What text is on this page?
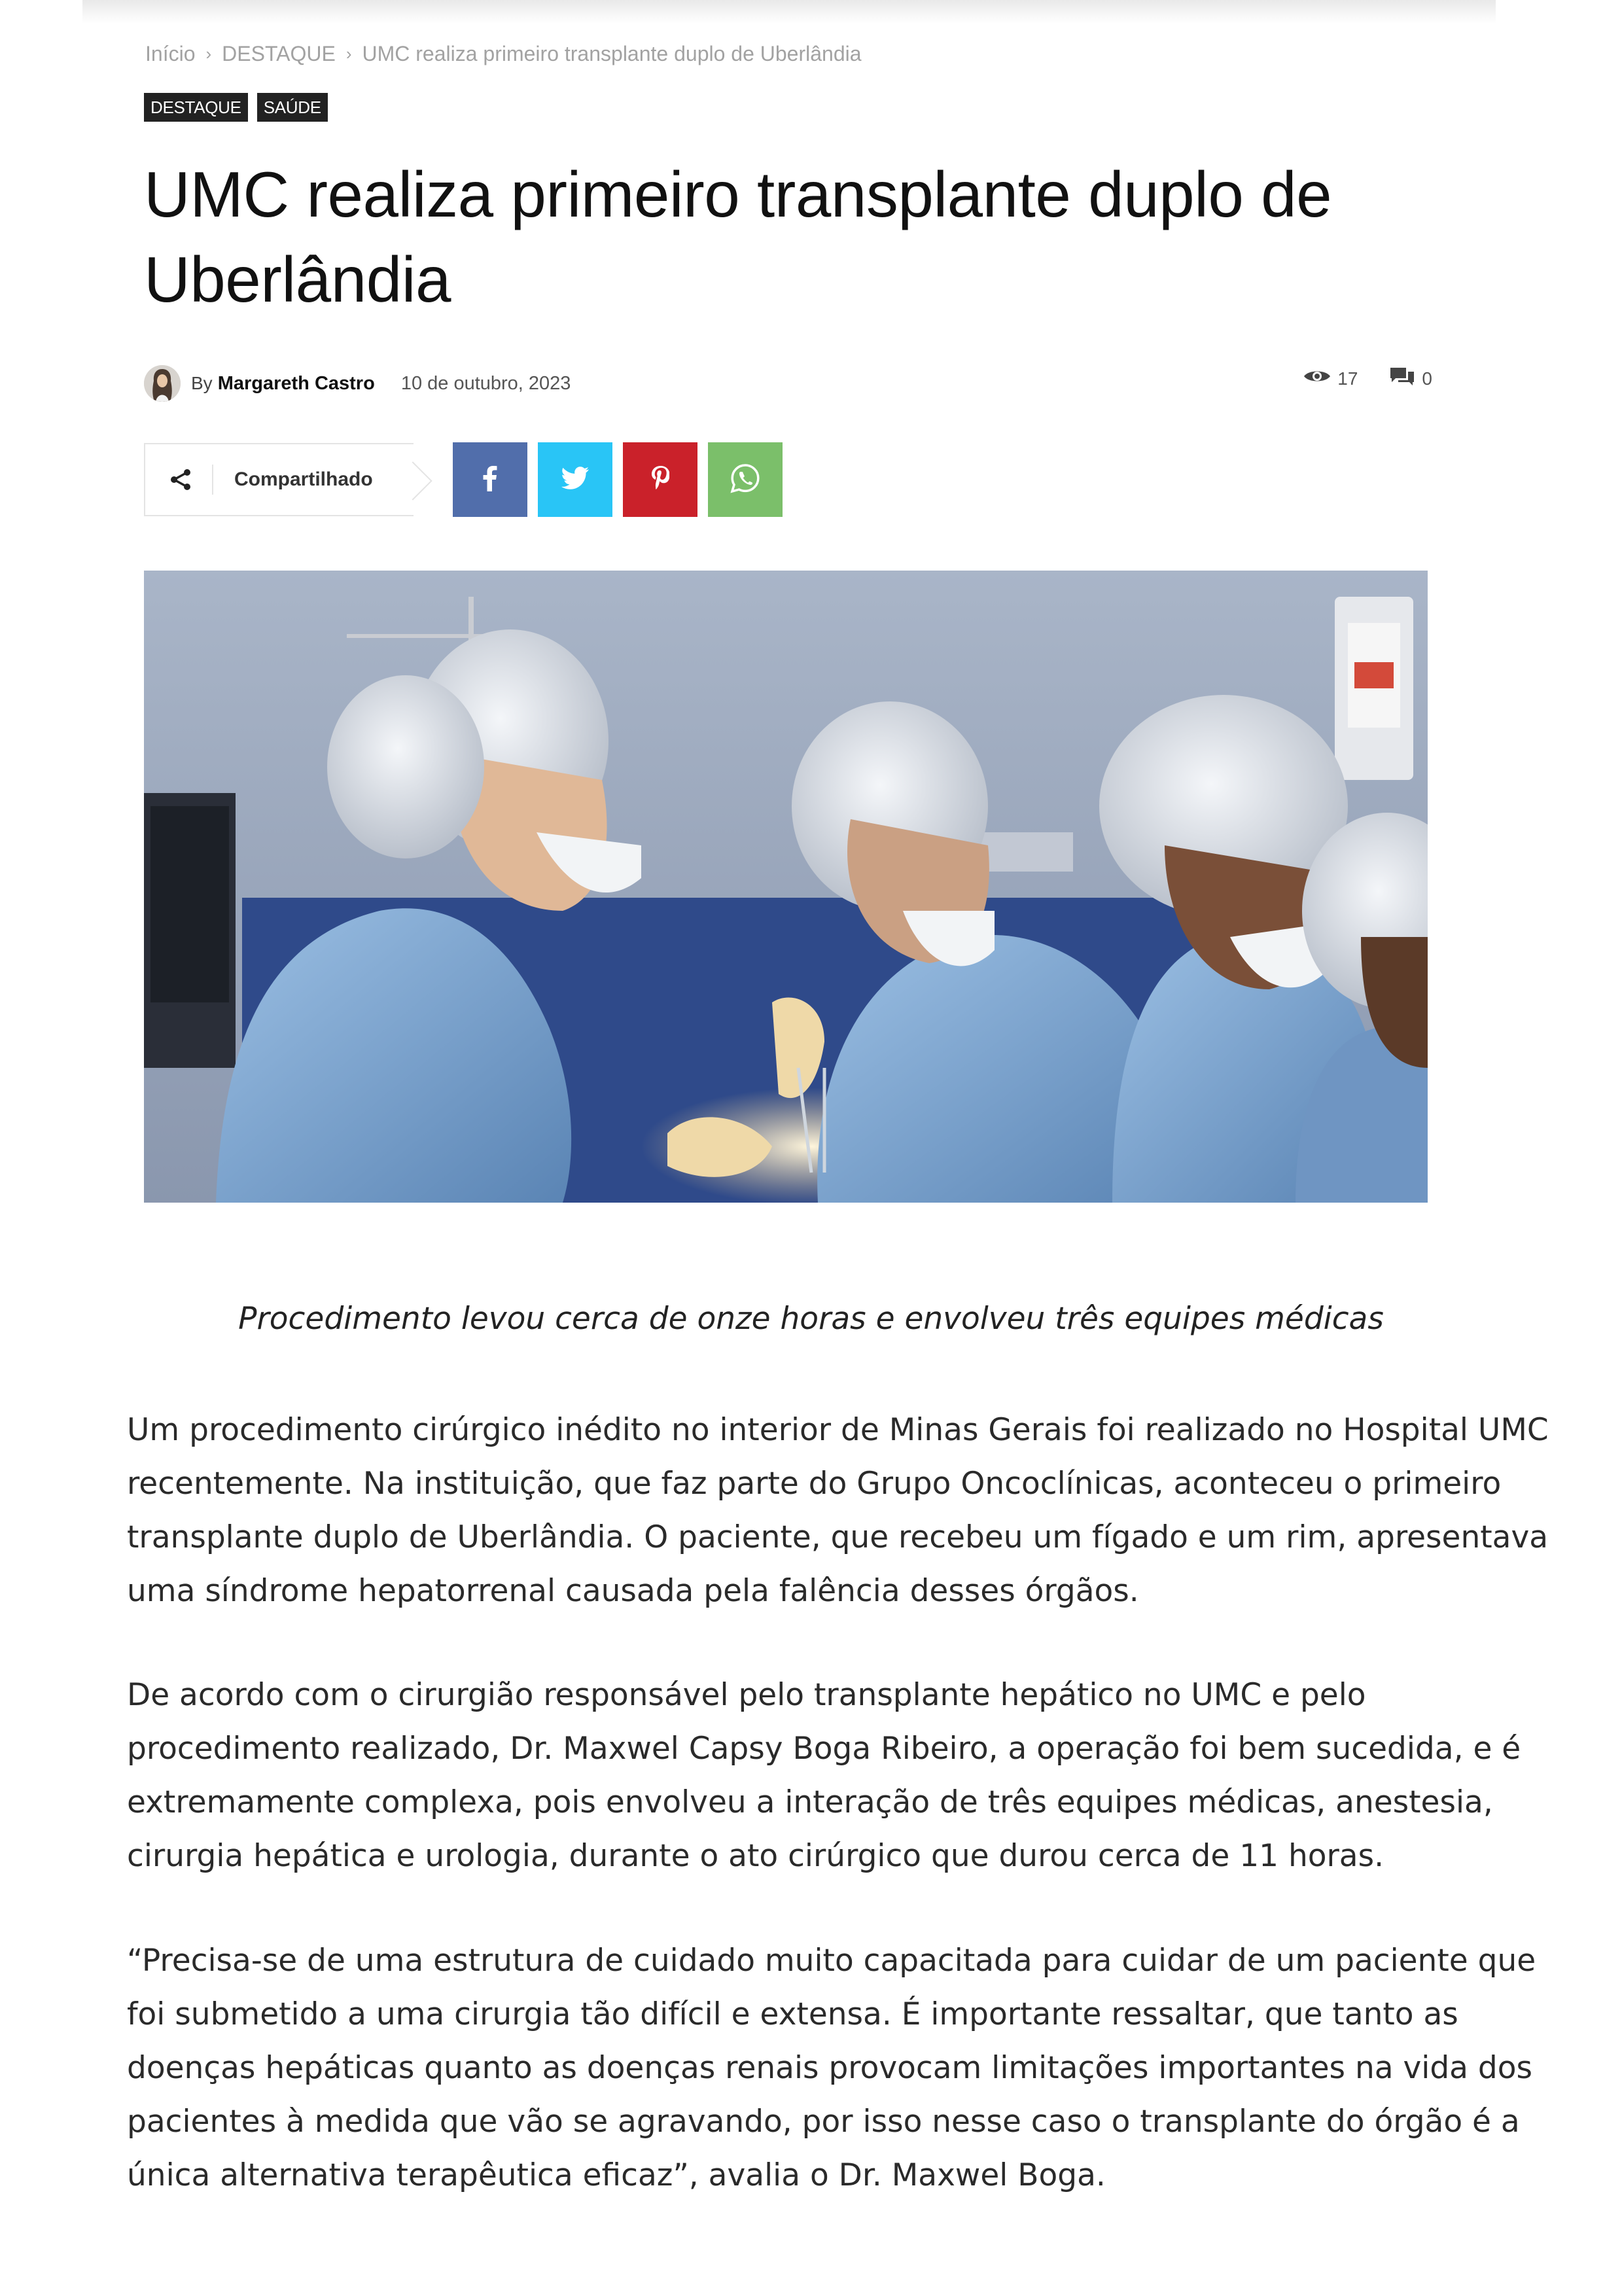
Início › DESTAQUE › UMC realiza primeiro transplante duplo de Uberlândia
DESTAQUE	SAÚDE
UMC realiza primeiro transplante duplo de Uberlândia
By Margareth Castro 10 de outubro, 2023	17	0
Compartilhado

Procedimento levou cerca de onze horas e envolveu três equipes médicas

Um procedimento cirúrgico inédito no interior de Minas Gerais foi realizado no Hospital UMC recentemente. Na instituição, que faz parte do Grupo Oncoclínicas, aconteceu o primeiro transplante duplo de Uberlândia. O paciente, que recebeu um fígado e um rim, apresentava uma síndrome hepatorrenal causada pela falência desses órgãos.

De acordo com o cirurgião responsável pelo transplante hepático no UMC e pelo procedimento realizado, Dr. Maxwel Capsy Boga Ribeiro, a operação foi bem sucedida, e é extremamente complexa, pois envolveu a interação de três equipes médicas, anestesia, cirurgia hepática e urologia, durante o ato cirúrgico que durou cerca de 11 horas.

“Precisa-se de uma estrutura de cuidado muito capacitada para cuidar de um paciente que foi submetido a uma cirurgia tão difícil e extensa. É importante ressaltar, que tanto as doenças hepáticas quanto as doenças renais provocam limitações importantes na vida dos pacientes à medida que vão se agravando, por isso nesse caso o transplante do órgão é a única alternativa terapêutica eficaz”, avalia o Dr. Maxwel Boga.
